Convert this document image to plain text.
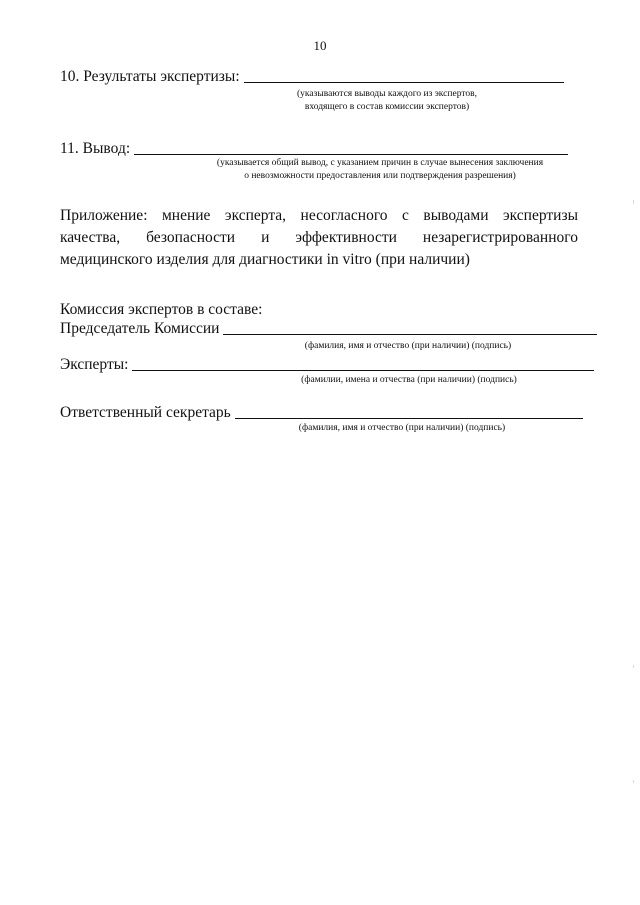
10
10. Результаты экспертизы:
(указываются выводы каждого из экспертов,
входящего в состав комиссии экспертов)
11. Вывод:
(указывается общий вывод, с указанием причин в случае вынесения заключения
о невозможности предоставления или подтверждения разрешения)
Приложение: мнение эксперта, несогласного с выводами экспертизы качества, безопасности и эффективности незарегистрированного медицинского изделия для диагностики in vitro (при наличии)
Комиссия экспертов в составе:
Председатель Комиссии
(фамилия, имя и отчество (при наличии) (подпись)
Эксперты:
(фамилии, имена и отчества (при наличии) (подпись)
Ответственный секретарь
(фамилия, имя и отчество (при наличии) (подпись)
